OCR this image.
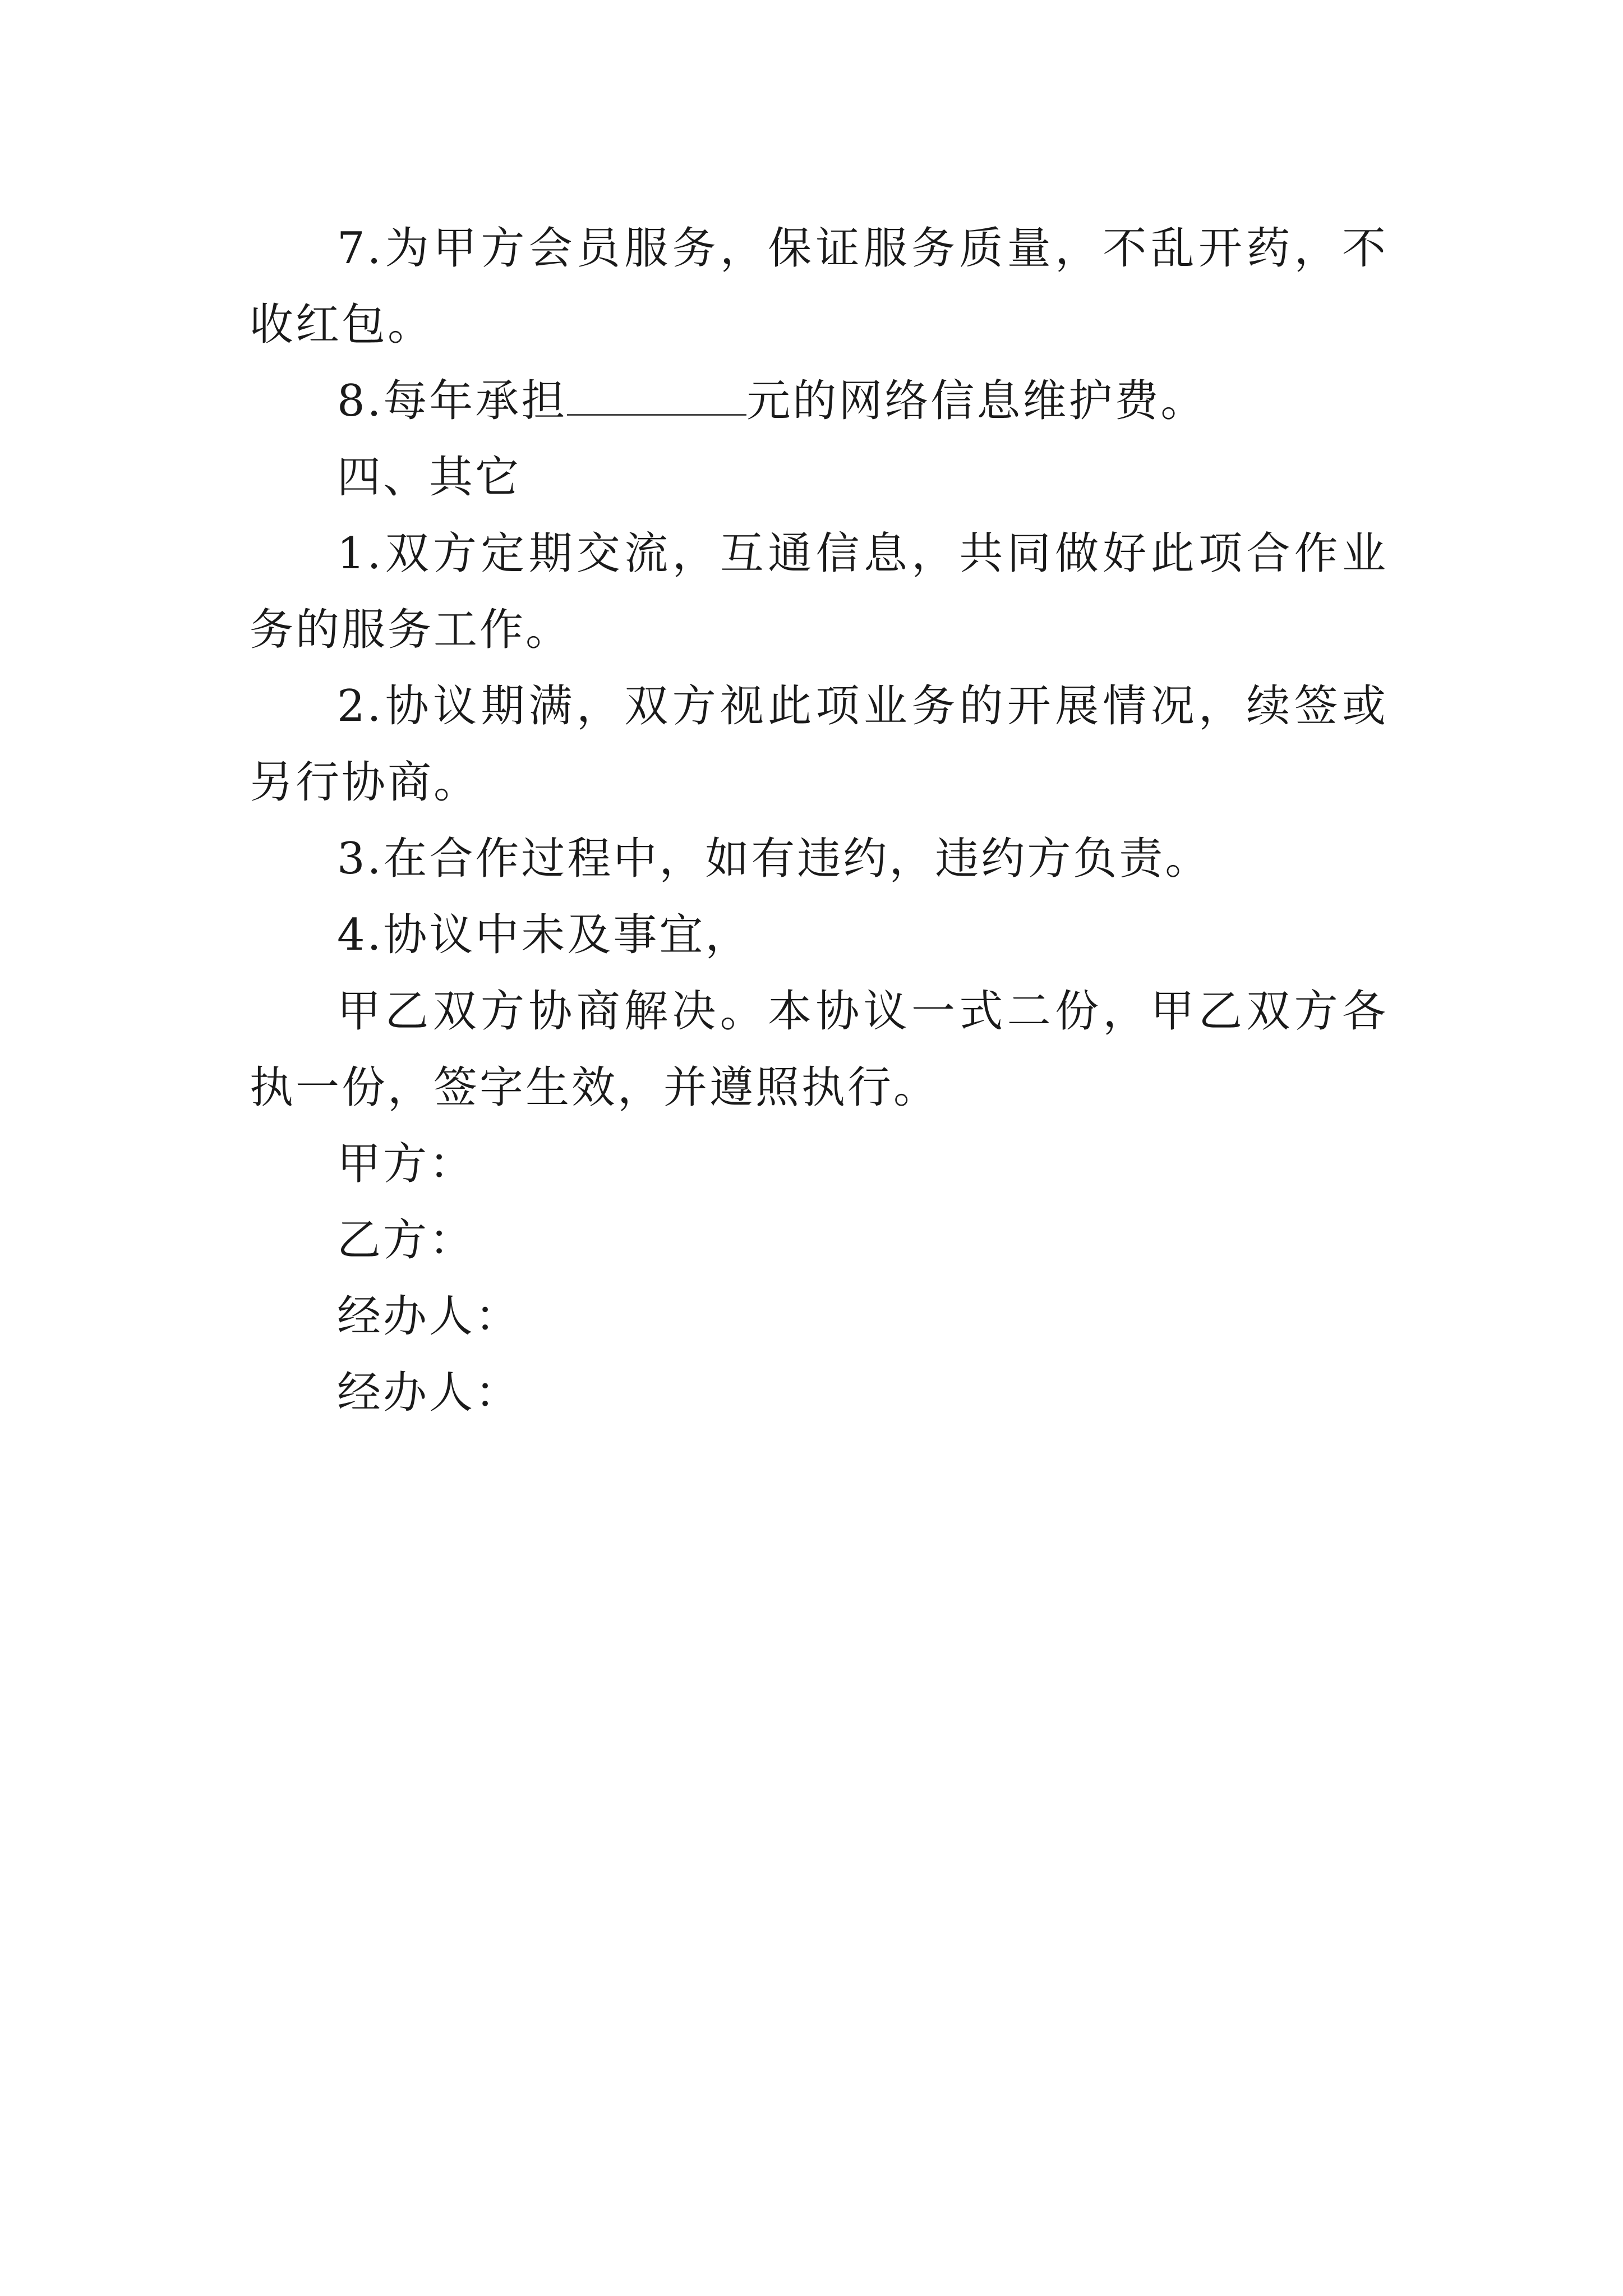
7.为甲方会员服务，保证服务质量，不乱开药，不收红包。

8.每年承担	元的网络信息维护费。

四、其它

1.双方定期交流，互通信息，共同做好此项合作业务的服务工作。

2.协议期满，双方视此项业务的开展情况，续签或另行协商。

3.在合作过程中，如有违约，违约方负责。

4.协议中未及事宜，

甲乙双方协商解决。本协议一式二份，甲乙双方各执一份，签字生效，并遵照执行。

甲方：

乙方：

经办人：

经办人：
